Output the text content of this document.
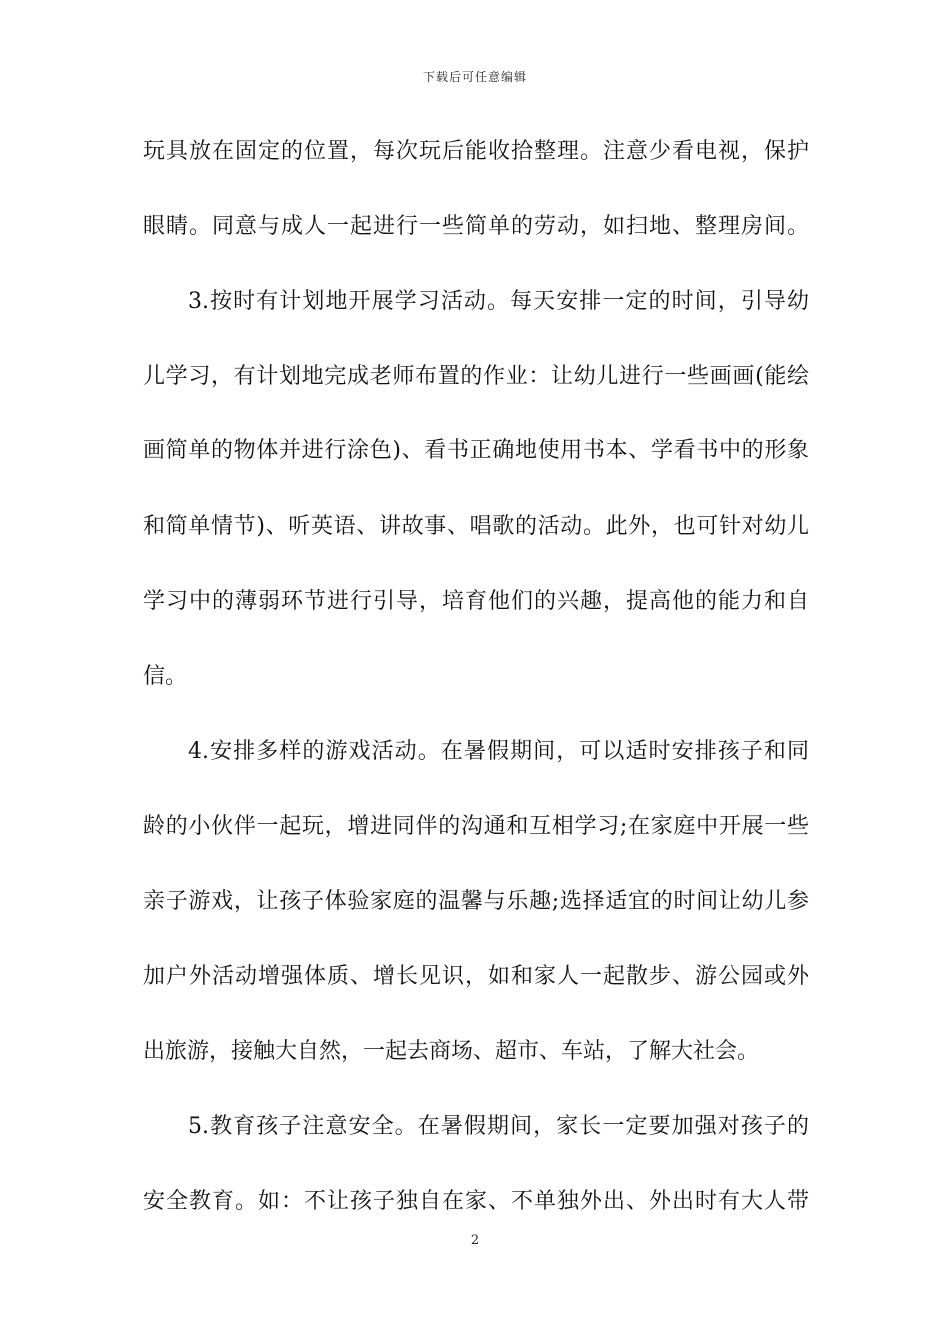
下载后可任意编辑
玩具放在固定的位置，每次玩后能收拾整理。注意少看电视，保护
眼睛。同意与成人一起进行一些简单的劳动，如扫地、整理房间。
3.按时有计划地开展学习活动。每天安排一定的时间，引导幼
儿学习，有计划地完成老师布置的作业：让幼儿进行一些画画(能绘
画简单的物体并进行涂色)、看书正确地使用书本、学看书中的形象
和简单情节)、听英语、讲故事、唱歌的活动。此外，也可针对幼儿
学习中的薄弱环节进行引导，培育他们的兴趣，提高他的能力和自
信。
4.安排多样的游戏活动。在暑假期间，可以适时安排孩子和同
龄的小伙伴一起玩，增进同伴的沟通和互相学习;在家庭中开展一些
亲子游戏，让孩子体验家庭的温馨与乐趣;选择适宜的时间让幼儿参
加户外活动增强体质、增长见识，如和家人一起散步、游公园或外
出旅游，接触大自然，一起去商场、超市、车站，了解大社会。
5.教育孩子注意安全。在暑假期间，家长一定要加强对孩子的
安全教育。如：不让孩子独自在家、不单独外出、外出时有大人带
2
